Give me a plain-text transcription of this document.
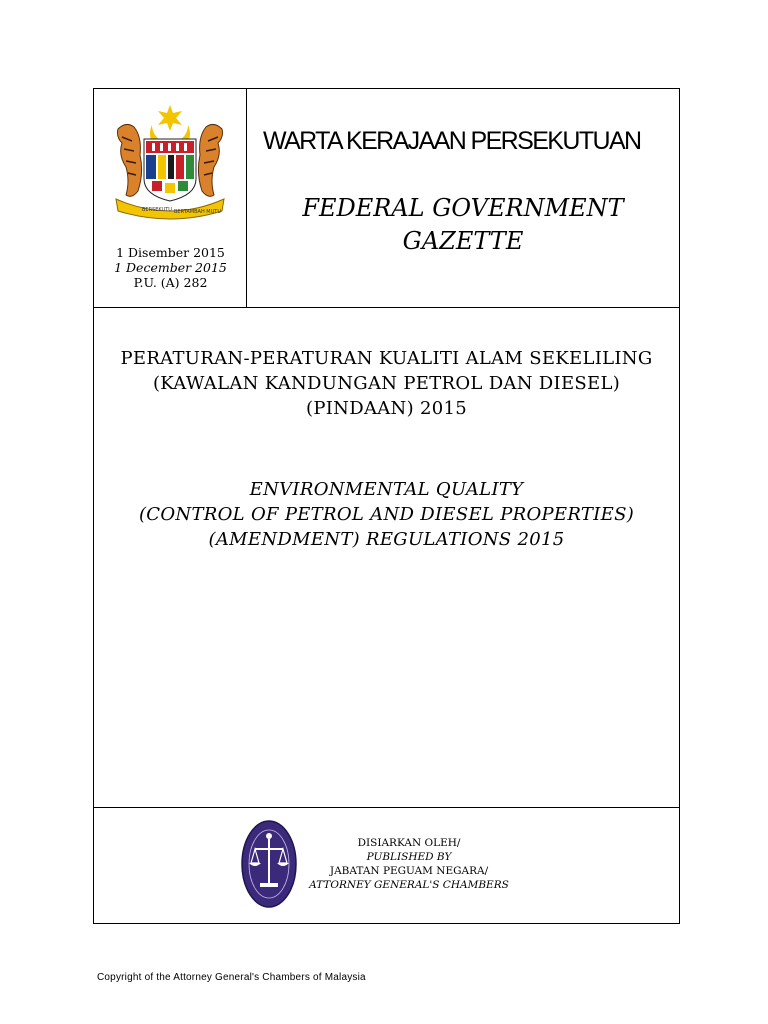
BERSEKUTU BERTAMBAH MUTU
1 Disember 2015
1 December 2015
P.U. (A) 282
WARTA KERAJAAN PERSEKUTUAN
FEDERAL GOVERNMENT
GAZETTE
PERATURAN-PERATURAN KUALITI ALAM SEKELILING
(KAWALAN KANDUNGAN PETROL DAN DIESEL)
(PINDAAN) 2015
ENVIRONMENTAL QUALITY
(CONTROL OF PETROL AND DIESEL PROPERTIES)
(AMENDMENT) REGULATIONS 2015
DISIARKAN OLEH/
PUBLISHED BY
JABATAN PEGUAM NEGARA/
ATTORNEY GENERAL'S CHAMBERS
Copyright of the Attorney General's Chambers of Malaysia
